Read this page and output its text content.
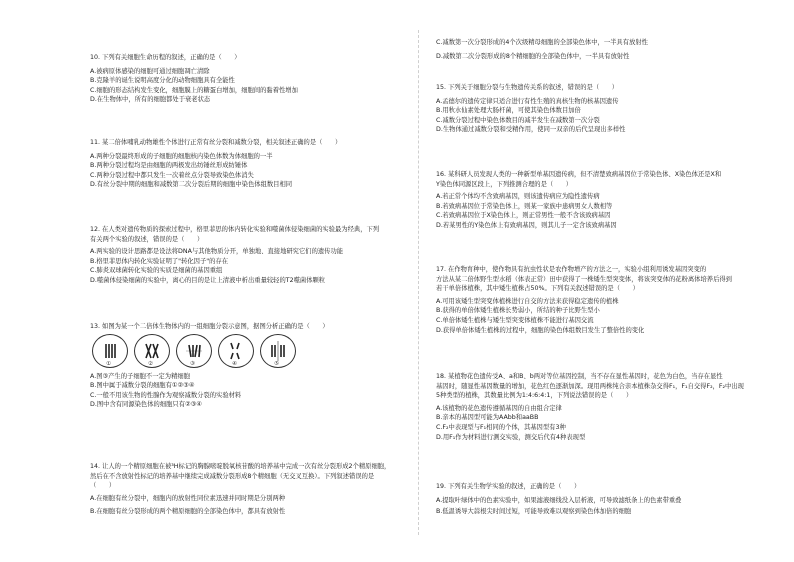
10. 下列有关细胞生命历程的叙述，正确的是（　　）
A.被病原体感染的细胞可通过细胞凋亡清除
B.克隆羊的诞生说明高度分化的动物细胞具有全能性
C.细胞的形态结构发生变化，细胞膜上的糖蛋白增加，细胞间的黏着性增加
D.在生物体中，所有的细胞都处于衰老状态
11. 某二倍体哺乳动物雄性个体进行正常有丝分裂和减数分裂，相关叙述正确的是（　　）
A.两种分裂最终形成的子细胞的细胞核内染色体数为体细胞的一半
B.两种分裂过程均是由细胞的两极发出纺锤丝形成纺锤体
C.两种分裂过程中都只发生一次着丝点分裂导致染色体消失
D.有丝分裂中期的细胞和减数第二次分裂后期的细胞中染色体组数目相同
12. 在人类对遗传物质的探索过程中，格里菲思的体内转化实验和噬菌体侵染细菌的实验最为经典，下列
有关两个实验的叙述，错误的是（　　）
A.两实验的设计思路都是设法将DNA与其他物质分开，单独地、直接地研究它们的遗传功能
B.格里菲思体内转化实验证明了"转化因子"的存在
C.肺炎双球菌转化实验的实质是细菌的基因重组
D.噬菌体侵染细菌的实验中，离心的目的是让上清液中析出重量较轻的T2噬菌体颗粒
13. 如图为某一个二倍体生物体内的一组细胞分裂示意图，据图分析正确的是（　　）
①	②	③	④	⑤
A.图③产生的子细胞不一定为精细胞
B.图中属于减数分裂的细胞有①②③④
C.一般不用该生物的性腺作为观察减数分裂的实验材料
D.图中含有同源染色体的细胞只有②③④
14. 让人的一个精原细胞在被³H标记的胸腺嘧啶脱氧核苷酸的培养基中完成一次有丝分裂形成2个精原细胞，
然后在不含放射性标记的培养基中继续完成减数分裂形成8个精细胞（无交叉互换）。下列叙述错误的是
（　　）
A.在细胞有丝分裂中，细胞内的放射性同位素迅速并同时期是分别两种
B.在细胞有丝分裂形成的两个精原细胞的全部染色体中，都具有放射性
C.减数第一次分裂形成的4个次级精母细胞的全部染色体中，一半具有放射性
D.减数第二次分裂形成的8个精细胞的全部染色体中，一半具有放射性
15. 下列关于细胞分裂与生物遗传关系的叙述，错误的是（　　）
A.孟德尔的遗传定律只适合进行有性生殖的真核生物的核基因遗传
B.用秋水仙素处理大肠杆菌，可使其染色体数目加倍
C.减数分裂过程中染色体数目的减半发生在减数第一次分裂
D.生物体通过减数分裂和受精作用，使同一双亲的后代呈现出多样性
16. 某科研人员发现人类的一种新型单基因遗传病，但不清楚致病基因位于常染色体、X染色体还是X和
Y染色体同源区段上，下列推测合理的是（　　）
A.若正常个体均不含致病基因，则该遗传病应为隐性遗传病
B.若致病基因位于常染色体上，则某一家族中患病男女人数相等
C.若致病基因位于X染色体上，则正常男性一般不含该致病基因
D.若某男性的Y染色体上有致病基因，则其儿子一定含该致病基因
17. 在作物育种中，使作物具有抗虫性状是农作物增产的方法之一，实验小组利用诱发基因突变的
方法从某二倍体野生型水稻（体表正常）田中获得了一株矮生型突变体，将该突变体的花粉离体培养后得到
若干单倍体植株，其中矮生植株占50%。下列有关叙述错误的是（　　）
A.可用该矮生型突变体植株进行自交的方法来获得稳定遗传的植株
B.获得的单倍体矮生植株长势弱小，所结的种子比野生型小
C.单倍体矮生植株与矮生型突变体植株不能进行基因交流
D.获得单倍体矮生植株的过程中，细胞的染色体组数目发生了整倍性的变化
18. 某植物花色遗传受A、a和B、b两对等位基因控制，当不存在显性基因时，花色为白色，当存在显性
基因时，随显性基因数量的增加，花色红色逐渐加深。现用两株纯合亲本植株杂交得F₁，F₁自交得F₂，F₂中出现
5种类型的植株，其数量比例为1:4:6:4:1，下列说法错误的是（　　）
A.该植物的花色遗传遵循基因的自由组合定律
B.亲本的基因型可能为AAbb和aaBB
C.F₂中表现型与F₁相同的个体，其基因型有3种
D.用F₁作为材料进行测交实验，测交后代有4种表现型
19. 下列有关生物学实验的叙述，正确的是（　　）
A.提取叶绿体中的色素实验中，如果滤液细线没入层析液，可导致滤纸条上的色素带重叠
B.低温诱导大蒜根尖时间过短，可能导致难以观察到染色体加倍的细胞
